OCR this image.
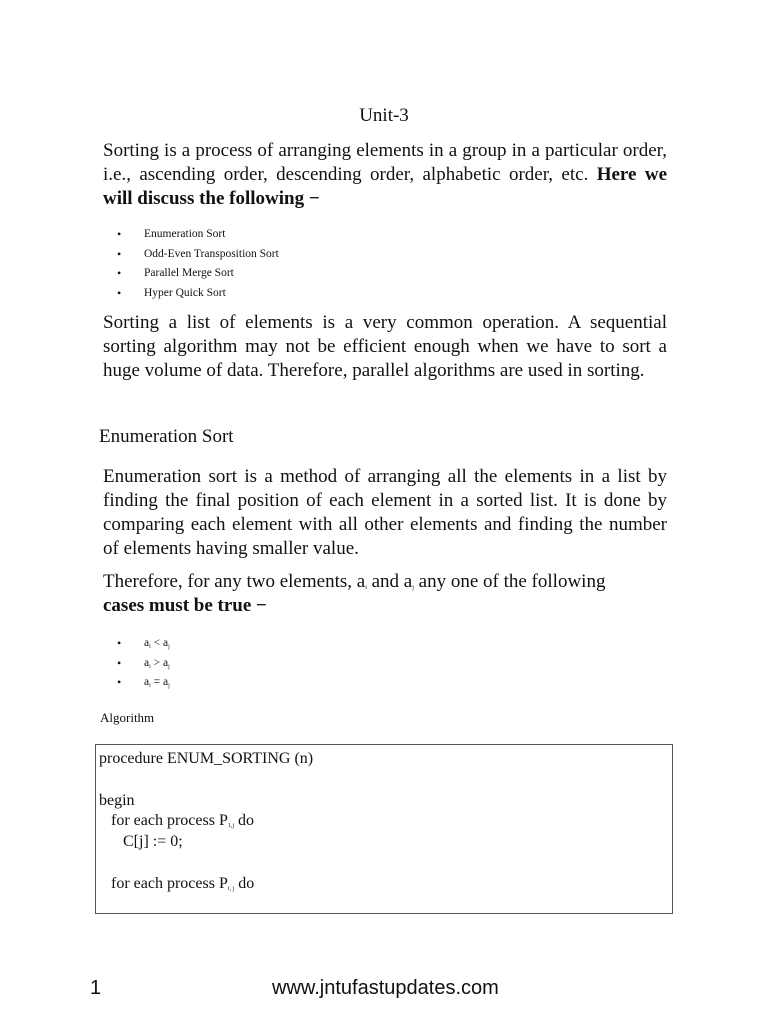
Unit-3

Sorting is a process of arranging elements in a group in a particular order, i.e., ascending order, descending order, alphabetic order, etc. Here we will discuss the following −

• Enumeration Sort
• Odd-Even Transposition Sort
• Parallel Merge Sort
• Hyper Quick Sort

Sorting a list of elements is a very common operation. A sequential sorting algorithm may not be efficient enough when we have to sort a huge volume of data. Therefore, parallel algorithms are used in sorting.

Enumeration Sort

Enumeration sort is a method of arranging all the elements in a list by finding the final position of each element in a sorted list. It is done by comparing each element with all other elements and finding the number of elements having smaller value.

Therefore, for any two elements, $a_i$ and $a_j$ any one of the following
cases must be true −

• $a_i < a_j$
• $a_i > a_j$
• $a_i = a_j$
Algorithm
procedure ENUM_SORTING (n)
begin
for each process $P_{1,j}$ do
C[j] := 0;
for each process $P_{i, j}$ do
1	www.jntufastupdates.com
